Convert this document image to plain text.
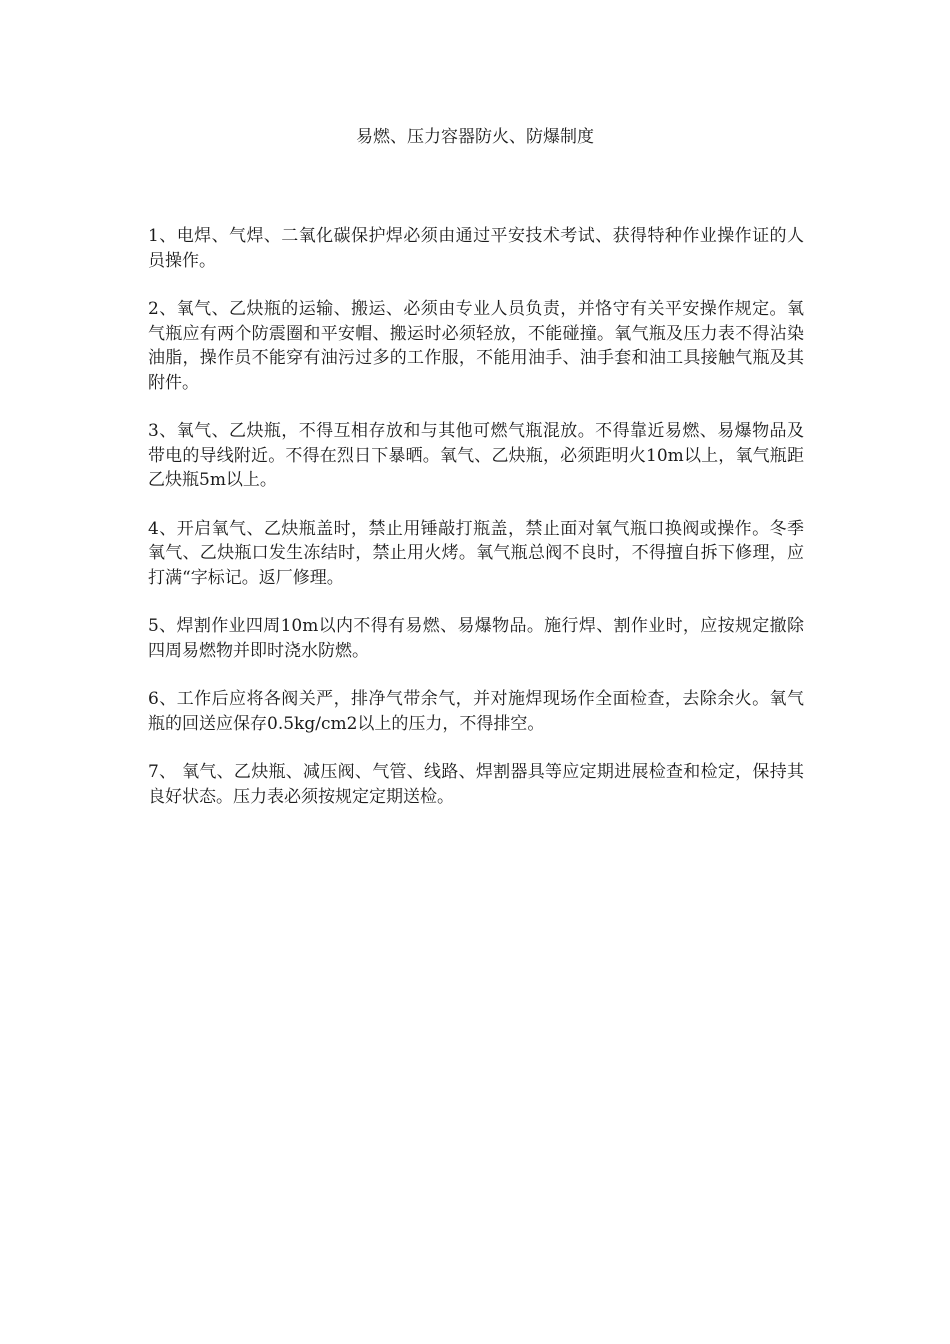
易燃、压力容器防火、防爆制度

1、电焊、气焊、二氧化碳保护焊必须由通过平安技术考试、获得特种作业操作证的人员操作。

2、氧气、乙炔瓶的运输、搬运、必须由专业人员负责，并恪守有关平安操作规定。氧气瓶应有两个防震圈和平安帽、搬运时必须轻放，不能碰撞。氧气瓶及压力表不得沾染油脂，操作员不能穿有油污过多的工作服，不能用油手、油手套和油工具接触气瓶及其附件。

3、氧气、乙炔瓶，不得互相存放和与其他可燃气瓶混放。不得靠近易燃、易爆物品及带电的导线附近。不得在烈日下暴晒。氧气、乙炔瓶，必须距明火10m以上，氧气瓶距乙炔瓶5m以上。

4、开启氧气、乙炔瓶盖时，禁止用锤敲打瓶盖，禁止面对氧气瓶口换阀或操作。冬季氧气、乙炔瓶口发生冻结时，禁止用火烤。氧气瓶总阀不良时，不得擅自拆下修理，应打满“字标记。返厂修理。

5、焊割作业四周10m以内不得有易燃、易爆物品。施行焊、割作业时，应按规定撤除四周易燃物并即时浇水防燃。

6、工作后应将各阀关严，排净气带余气，并对施焊现场作全面检查，去除余火。氧气瓶的回送应保存0.5kg/cm2以上的压力，不得排空。

7、 氧气、乙炔瓶、减压阀、气管、线路、焊割器具等应定期进展检查和检定，保持其良好状态。压力表必须按规定定期送检。
